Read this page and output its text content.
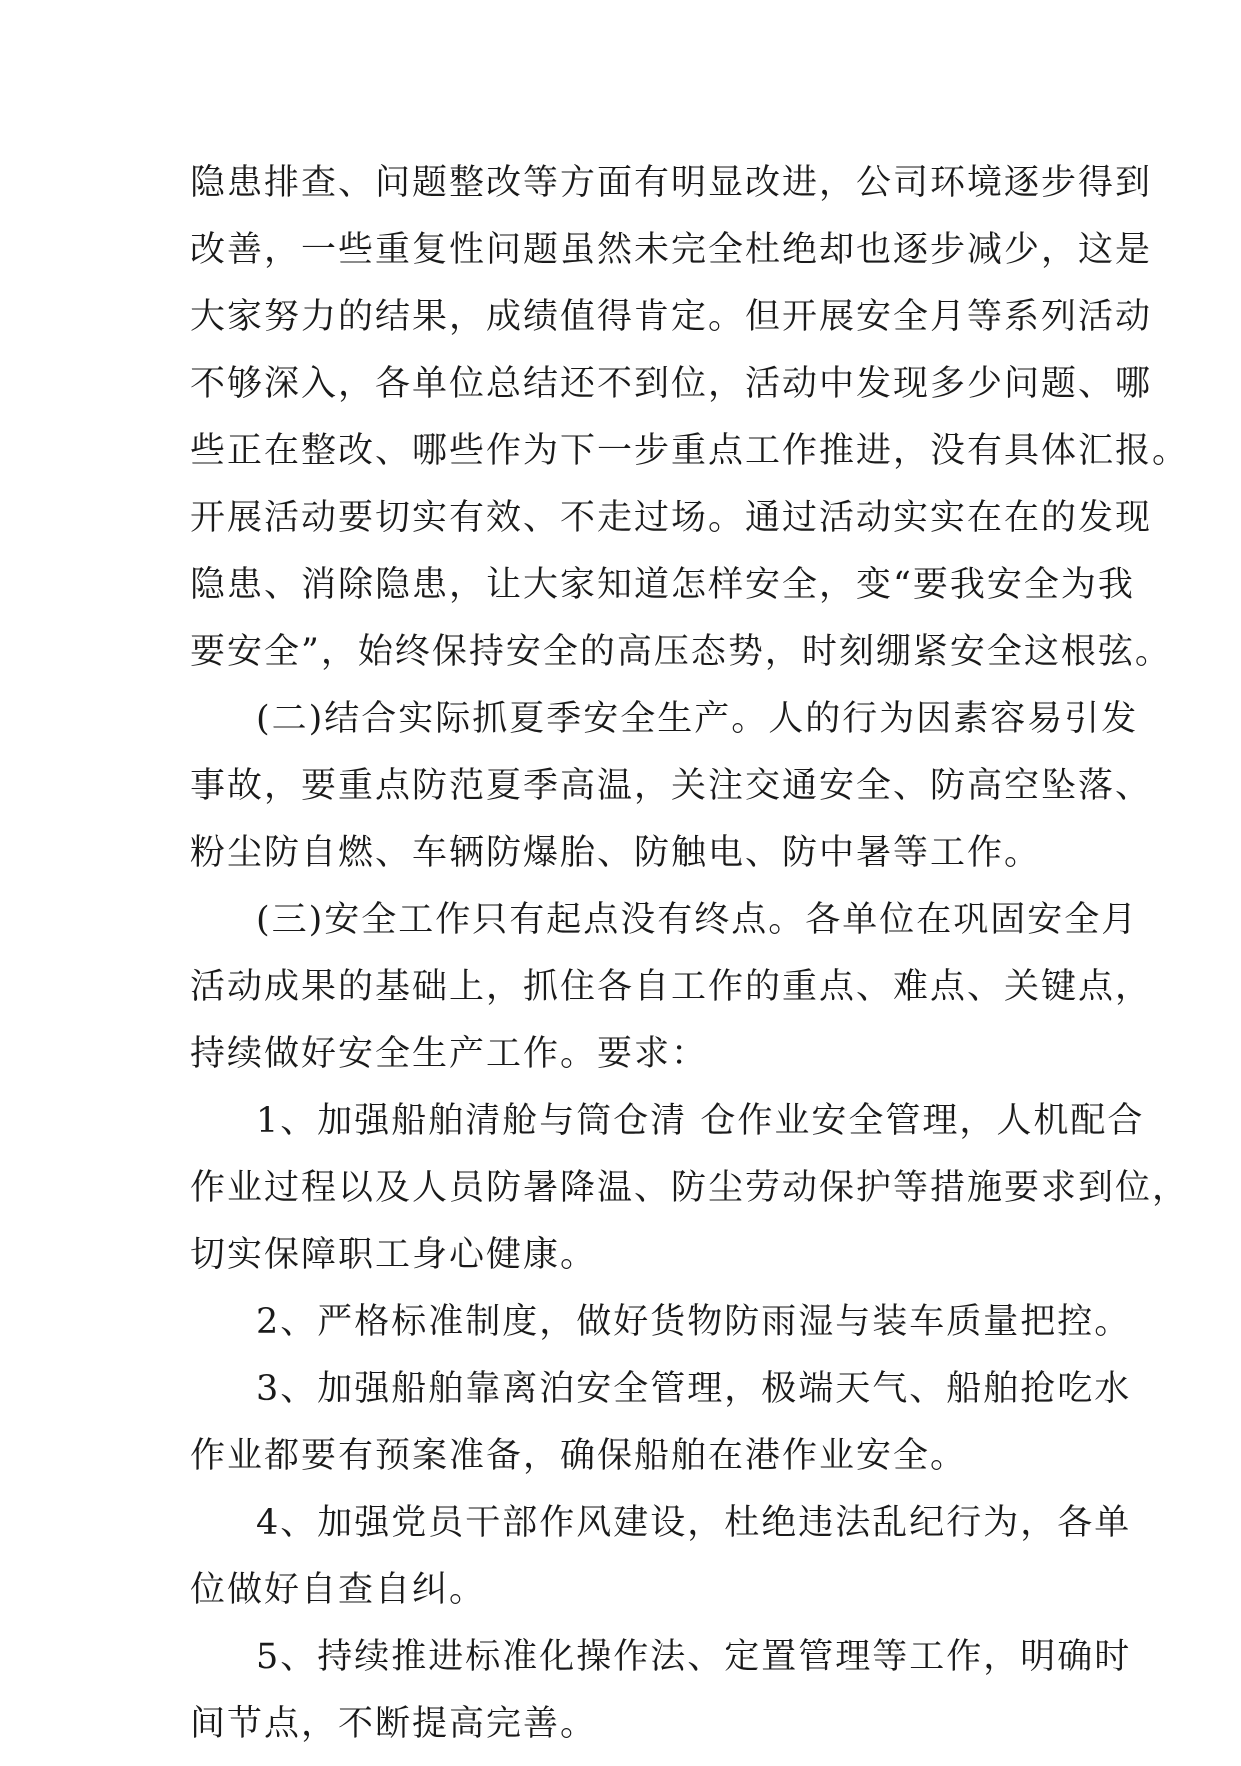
隐患排查、问题整改等方面有明显改进，公司环境逐步得到
改善，一些重复性问题虽然未完全杜绝却也逐步减少，这是
大家努力的结果，成绩值得肯定。但开展安全月等系列活动
不够深入，各单位总结还不到位，活动中发现多少问题、哪
些正在整改、哪些作为下一步重点工作推进，没有具体汇报。
开展活动要切实有效、不走过场。通过活动实实在在的发现
隐患、消除隐患，让大家知道怎样安全，变“要我安全为我
要安全”，始终保持安全的高压态势，时刻绷紧安全这根弦。
(二)结合实际抓夏季安全生产。人的行为因素容易引发
事故，要重点防范夏季高温，关注交通安全、防高空坠落、
粉尘防自燃、车辆防爆胎、防触电、防中暑等工作。
(三)安全工作只有起点没有终点。各单位在巩固安全月
活动成果的基础上，抓住各自工作的重点、难点、关键点，
持续做好安全生产工作。要求：
1、加强船舶清舱与筒仓清 仓作业安全管理，人机配合
作业过程以及人员防暑降温、防尘劳动保护等措施要求到位，
切实保障职工身心健康。
2、严格标准制度，做好货物防雨湿与装车质量把控。
3、加强船舶靠离泊安全管理，极端天气、船舶抢吃水
作业都要有预案准备，确保船舶在港作业安全。
4、加强党员干部作风建设，杜绝违法乱纪行为，各单
位做好自查自纠。
5、持续推进标准化操作法、定置管理等工作，明确时
间节点，不断提高完善。
